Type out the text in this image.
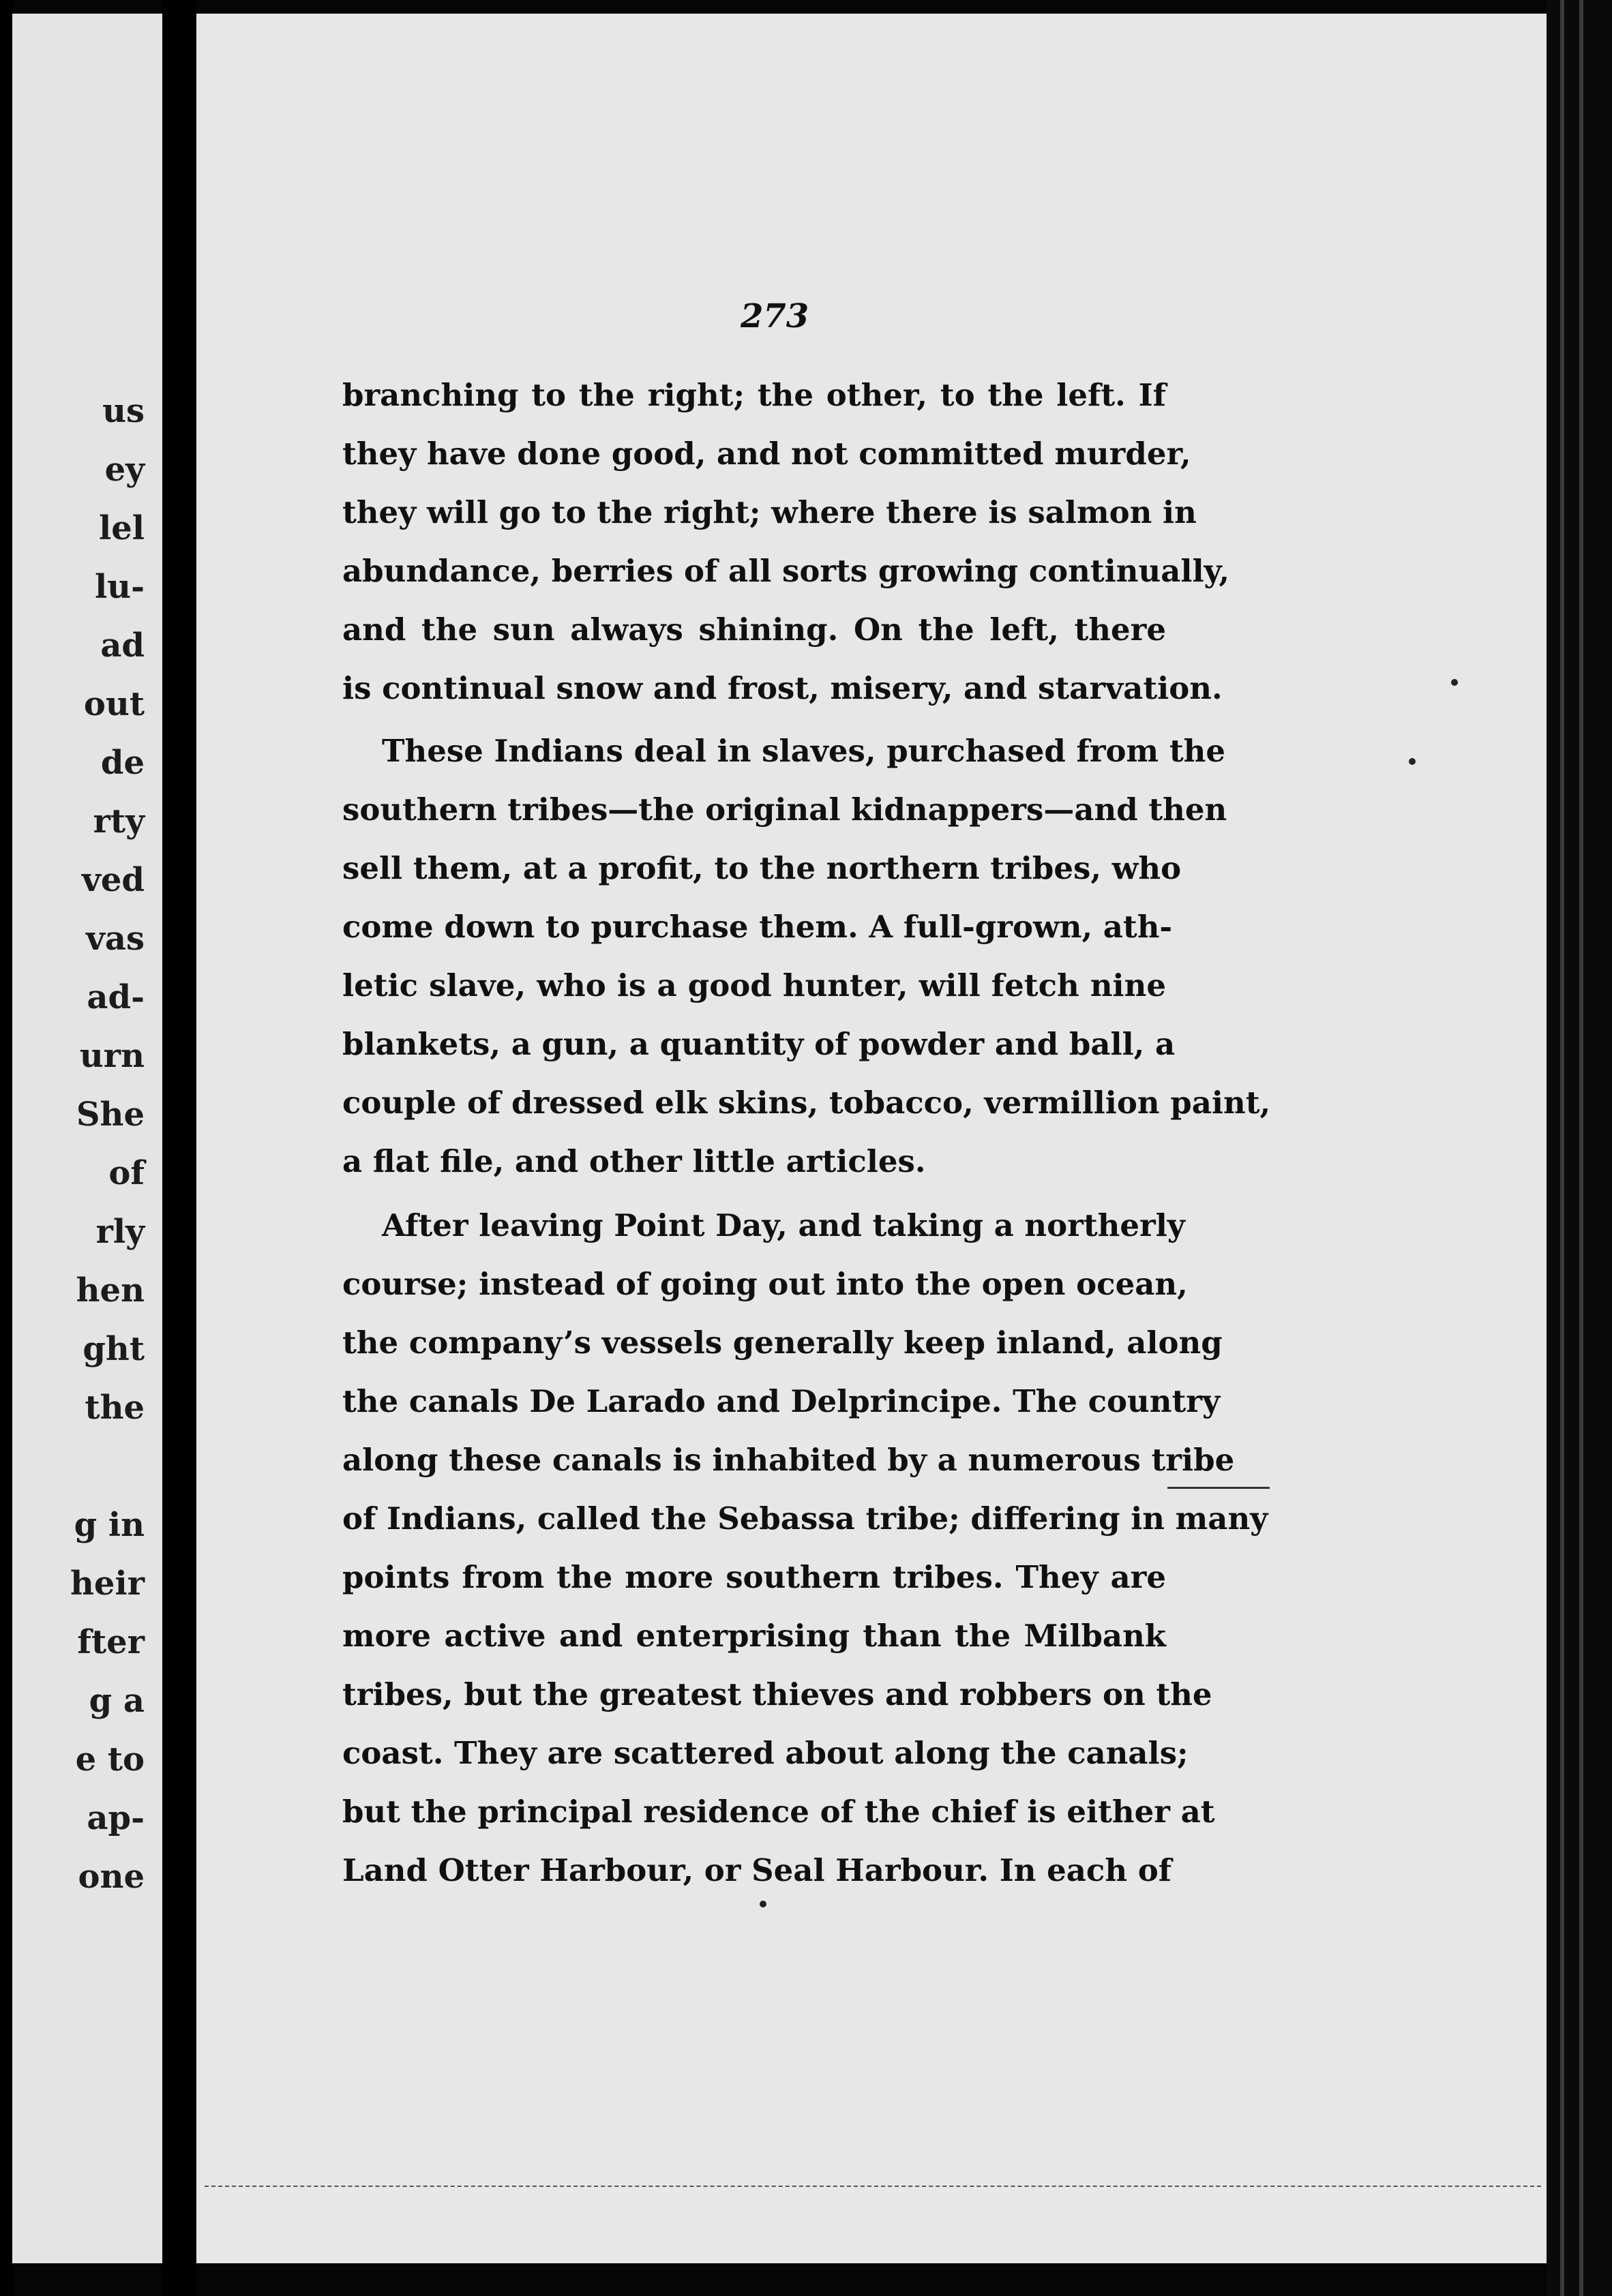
us
ey
lel
lu-
ad
out
de
rty
ved
vas
ad-
urn
She
of
rly
hen
ght
the
g in
heir
fter
g a
e to
ap-
one
273
branching to the right; the other, to the left. If
they have done good, and not committed murder,
they will go to the right; where there is salmon in
abundance, berries of all sorts growing continually,
and the sun always shining. On the left, there
is continual snow and frost, misery, and starvation.
These Indians deal in slaves, purchased from the
southern tribes—the original kidnappers—and then
sell them, at a profit, to the northern tribes, who
come down to purchase them. A full-grown, ath-
letic slave, who is a good hunter, will fetch nine
blankets, a gun, a quantity of powder and ball, a
couple of dressed elk skins, tobacco, vermillion paint,
a flat file, and other little articles.
After leaving Point Day, and taking a northerly
course; instead of going out into the open ocean,
the company’s vessels generally keep inland, along
the canals De Larado and Delprincipe. The country
along these canals is inhabited by a numerous tribe
of Indians, called the Sebassa tribe; differing in many
points from the more southern tribes. They are
more active and enterprising than the Milbank
tribes, but the greatest thieves and robbers on the
coast. They are scattered about along the canals;
but the principal residence of the chief is either at
Land Otter Harbour, or Seal Harbour. In each of
